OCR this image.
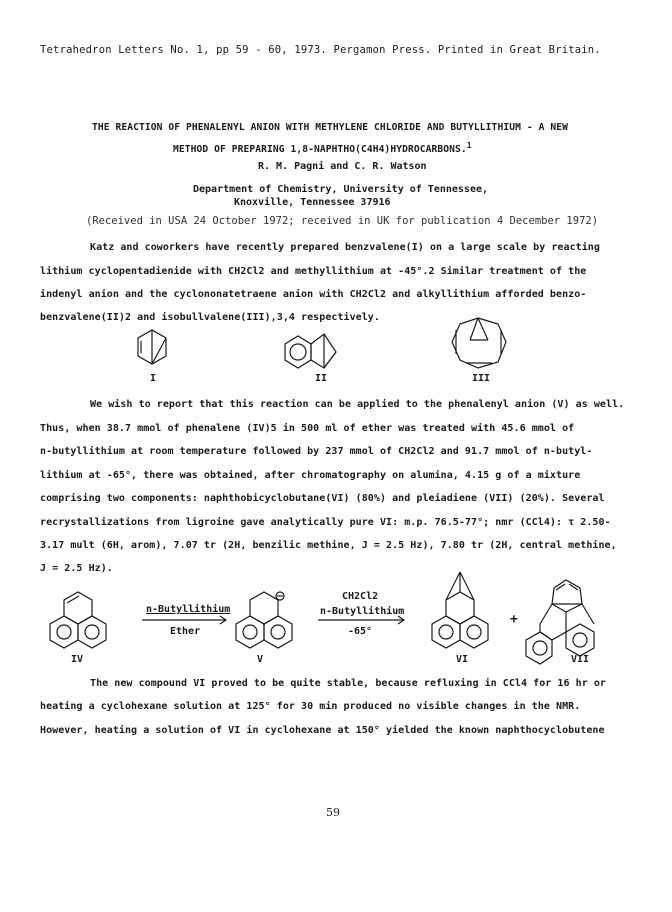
Tetrahedron Letters No. 1, pp 59 - 60, 1973. Pergamon Press. Printed in Great Britain.
THE REACTION OF PHENALENYL ANION WITH METHYLENE CHLORIDE AND BUTYLLITHIUM - A NEW
METHOD OF PREPARING 1,8-NAPHTHO(C4H4)HYDROCARBONS.$^1$
R. M. Pagni and C. R. Watson
Department of Chemistry, University of Tennessee,
Knoxville, Tennessee 37916
(Received in USA 24 October 1972; received in UK for publication 4 December 1972)
Katz and coworkers have recently prepared benzvalene(I) on a large scale by reacting
lithium cyclopentadienide with CH2Cl2 and methyllithium at -45°.2 Similar treatment of the
indenyl anion and the cyclononatetraene anion with CH2Cl2 and alkyllithium afforded benzo-
benzvalene(II)2 and isobullvalene(III),3,4 respectively.
I	II	III
We wish to report that this reaction can be applied to the phenalenyl anion (V) as well.
Thus, when 38.7 mmol of phenalene (IV)5 in 500 ml of ether was treated with 45.6 mmol of
n-butyllithium at room temperature followed by 237 mmol of CH2Cl2 and 91.7 mmol of n-butyl-
lithium at -65°, there was obtained, after chromatography on alumina, 4.15 g of a mixture
comprising two components: naphthobicyclobutane(VI) (80%) and pleiadiene (VII) (20%). Several
recrystallizations from ligroine gave analytically pure VI: m.p. 76.5-77°; nmr (CCl4): τ 2.50-
3.17 mult (6H, arom), 7.07 tr (2H, benzilic methine, J = 2.5 Hz), 7.80 tr (2H, central methine,
J = 2.5 Hz).
n-Butyllithium
Ether
CH2Cl2
n-Butyllithium
-65°
+
IV	V	VI	VII
The new compound VI proved to be quite stable, because refluxing in CCl4 for 16 hr or
heating a cyclohexane solution at 125° for 30 min produced no visible changes in the NMR.
However, heating a solution of VI in cyclohexane at 150° yielded the known naphthocyclobutene
59
